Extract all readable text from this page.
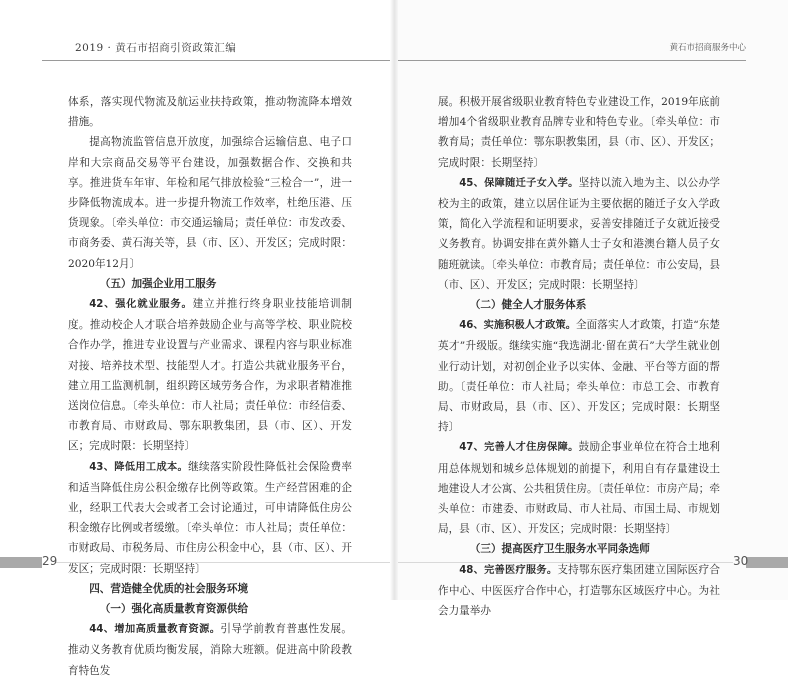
2019 · 黄石市招商引资政策汇编	黄石市招商服务中心

体系，落实现代物流及航运业扶持政策，推动物流降本增效措施。

提高物流监管信息开放度，加强综合运输信息、电子口岸和大宗商品交易等平台建设，加强数据合作、交换和共享。推进货车年审、年检和尾气排放检验“三检合一”，进一步降低物流成本。进一步提升物流工作效率，杜绝压港、压货现象。〔牵头单位：市交通运输局；责任单位：市发改委、市商务委、黄石海关等，县（市、区）、开发区；完成时限：2020年12月〕

（五）加强企业用工服务

42、强化就业服务。建立并推行终身职业技能培训制度。推动校企人才联合培养鼓励企业与高等学校、职业院校合作办学，推进专业设置与产业需求、课程内容与职业标准对接、培养技术型、技能型人才。打造公共就业服务平台，建立用工监测机制，组织跨区域劳务合作，为求职者精准推送岗位信息。〔牵头单位：市人社局；责任单位：市经信委、市教育局、市财政局、鄂东职教集团，县（市、区）、开发区；完成时限：长期坚持〕

43、降低用工成本。继续落实阶段性降低社会保险费率和适当降低住房公积金缴存比例等政策。生产经营困难的企业，经职工代表大会或者工会讨论通过，可申请降低住房公积金缴存比例或者缓缴。〔牵头单位：市人社局；责任单位：市财政局、市税务局、市住房公积金中心，县（市、区）、开发区；完成时限：长期坚持〕

四、营造健全优质的社会服务环境
（一）强化高质量教育资源供给

44、增加高质量教育资源。引导学前教育普惠性发展。推动义务教育优质均衡发展，消除大班额。促进高中阶段教育特色发

展。积极开展省级职业教育特色专业建设工作，2019年底前增加4个省级职业教育品牌专业和特色专业。〔牵头单位：市教育局；责任单位：鄂东职教集团，县（市、区）、开发区；完成时限：长期坚持〕

45、保障随迁子女入学。坚持以流入地为主、以公办学校为主的政策，建立以居住证为主要依据的随迁子女入学政策，简化入学流程和证明要求，妥善安排随迁子女就近接受义务教育。协调安排在黄外籍人士子女和港澳台籍人员子女随班就读。〔牵头单位：市教育局；责任单位：市公安局，县（市、区）、开发区；完成时限：长期坚持〕

（二）健全人才服务体系

46、实施积极人才政策。全面落实人才政策，打造“东楚英才”升级版。继续实施“我选湖北·留在黄石”大学生就业创业行动计划，对初创企业予以实体、金融、平台等方面的帮助。〔责任单位：市人社局；牵头单位：市总工会、市教育局、市财政局，县（市、区）、开发区；完成时限：长期坚持〕

47、完善人才住房保障。鼓励企事业单位在符合土地利用总体规划和城乡总体规划的前提下，利用自有存量建设土地建设人才公寓、公共租赁住房。〔责任单位：市房产局；牵头单位：市建委、市财政局、市人社局、市国土局、市规划局，县（市、区）、开发区；完成时限：长期坚持〕

（三）提高医疗卫生服务水平同条选师

48、完善医疗服务。支持鄂东医疗集团建立国际医疗合作中心、中医医疗合作中心，打造鄂东区域医疗中心。为社会力量举办

29	30
